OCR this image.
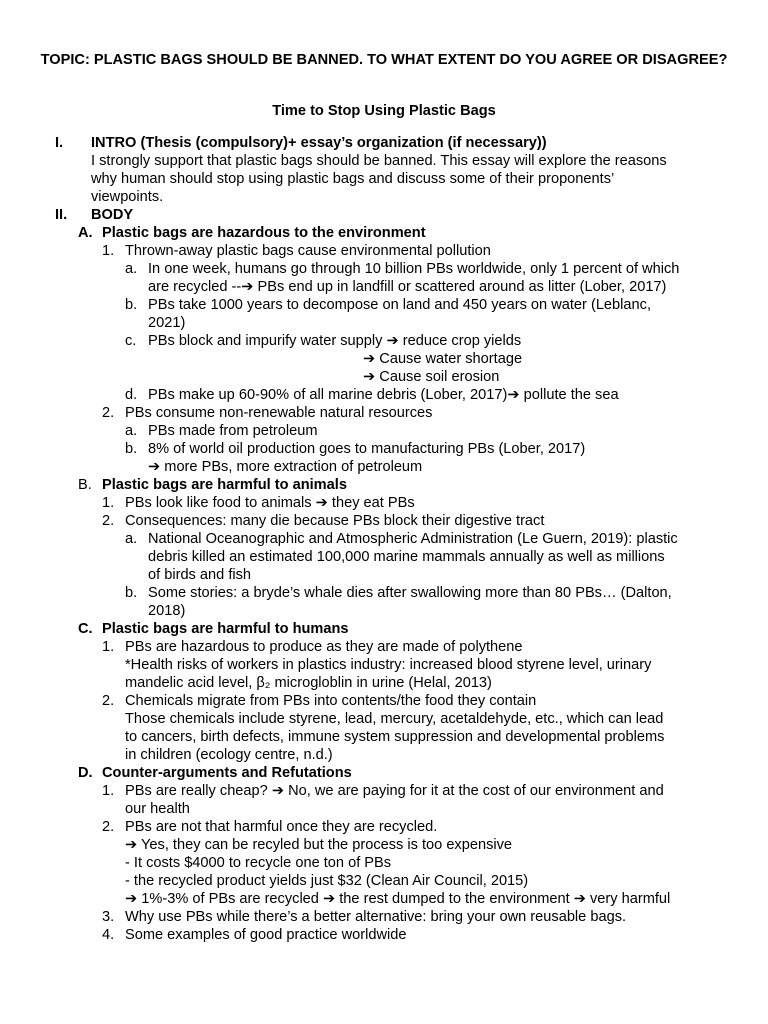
TOPIC: PLASTIC BAGS SHOULD BE BANNED. TO WHAT EXTENT DO YOU AGREE OR DISAGREE?
Time to Stop Using Plastic Bags
I. INTRO (Thesis (compulsory)+ essay’s organization (if necessary))
I strongly support that plastic bags should be banned. This essay will explore the reasons
why human should stop using plastic bags and discuss some of their proponents’
viewpoints.
II. BODY
A. Plastic bags are hazardous to the environment
1. Thrown-away plastic bags cause environmental pollution
a. In one week, humans go through 10 billion PBs worldwide, only 1 percent of which
are recycled --➔ PBs end up in landfill or scattered around as litter (Lober, 2017)
b. PBs take 1000 years to decompose on land and 450 years on water (Leblanc,
2021)
c. PBs block and impurify water supply ➔ reduce crop yields
➔ Cause water shortage
➔ Cause soil erosion
d. PBs make up 60-90% of all marine debris (Lober, 2017)➔ pollute the sea
2. PBs consume non-renewable natural resources
a. PBs made from petroleum
b. 8% of world oil production goes to manufacturing PBs (Lober, 2017)
➔ more PBs, more extraction of petroleum
B. Plastic bags are harmful to animals
1. PBs look like food to animals ➔ they eat PBs
2. Consequences: many die because PBs block their digestive tract
a. National Oceanographic and Atmospheric Administration (Le Guern, 2019): plastic
debris killed an estimated 100,000 marine mammals annually as well as millions
of birds and fish
b. Some stories: a bryde’s whale dies after swallowing more than 80 PBs… (Dalton,
2018)
C. Plastic bags are harmful to humans
1. PBs are hazardous to produce as they are made of polythene
*Health risks of workers in plastics industry: increased blood styrene level, urinary
mandelic acid level, β₂ microgloblin in urine (Helal, 2013)
2. Chemicals migrate from PBs into contents/the food they contain
Those chemicals include styrene, lead, mercury, acetaldehyde, etc., which can lead
to cancers, birth defects, immune system suppression and developmental problems
in children (ecology centre, n.d.)
D. Counter-arguments and Refutations
1. PBs are really cheap? ➔ No, we are paying for it at the cost of our environment and
our health
2. PBs are not that harmful once they are recycled.
➔ Yes, they can be recyled but the process is too expensive
- It costs $4000 to recycle one ton of PBs
- the recycled product yields just $32 (Clean Air Council, 2015)
➔ 1%-3% of PBs are recycled ➔ the rest dumped to the environment ➔ very harmful
3. Why use PBs while there’s a better alternative: bring your own reusable bags.
4. Some examples of good practice worldwide
